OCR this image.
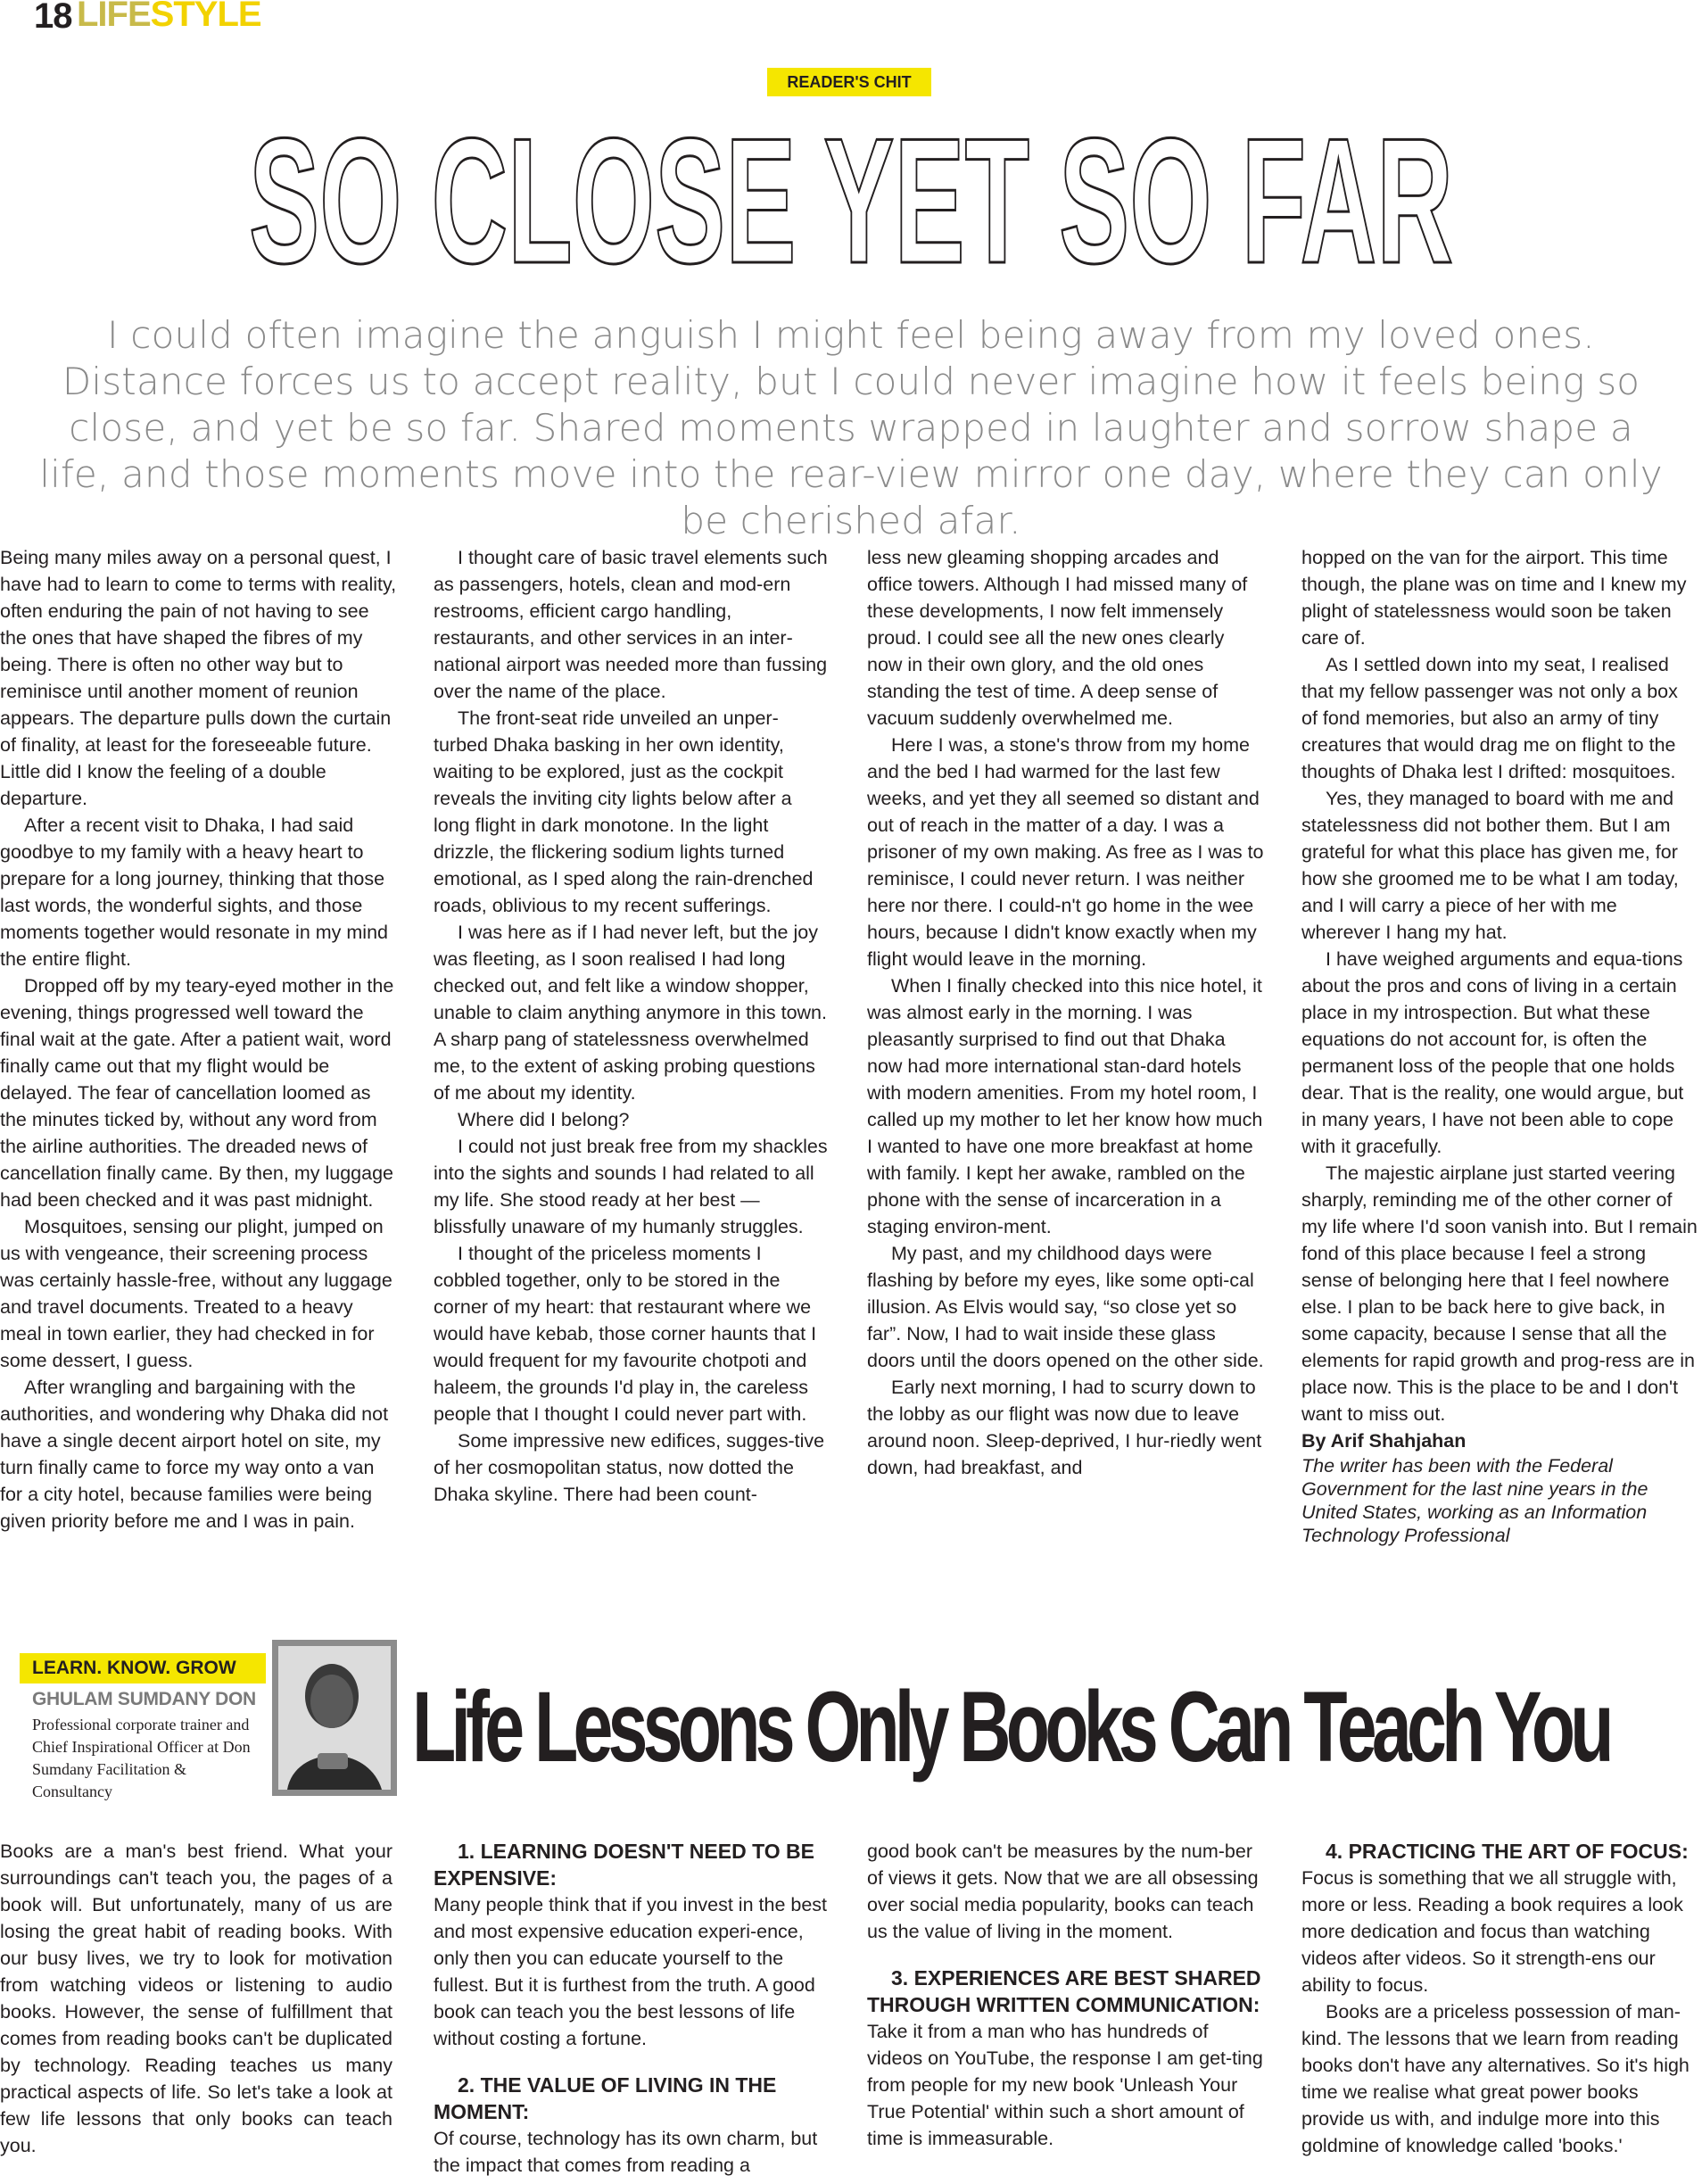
18 LIFESTYLE
READER'S CHIT
SO CLOSE YET SO FAR
I could often imagine the anguish I might feel being away from my loved ones. Distance forces us to accept reality, but I could never imagine how it feels being so close, and yet be so far. Shared moments wrapped in laughter and sorrow shape a life, and those moments move into the rear-view mirror one day, where they can only be cherished afar.

Being many miles away on a personal quest, I have had to learn to come to terms with reality, often enduring the pain of not having to see the ones that have shaped the fibres of my being. There is often no other way but to reminisce until another moment of reunion appears. The departure pulls down the curtain of finality, at least for the foreseeable future. Little did I know the feeling of a double departure.

After a recent visit to Dhaka, I had said goodbye to my family with a heavy heart to prepare for a long journey, thinking that those last words, the wonderful sights, and those moments together would resonate in my mind the entire flight.

Dropped off by my teary-eyed mother in the evening, things progressed well toward the final wait at the gate. After a patient wait, word finally came out that my flight would be delayed. The fear of cancellation loomed as the minutes ticked by, without any word from the airline authorities. The dreaded news of cancellation finally came. By then, my luggage had been checked and it was past midnight.

Mosquitoes, sensing our plight, jumped on us with vengeance, their screening process was certainly hassle-free, without any luggage and travel documents. Treated to a heavy meal in town earlier, they had checked in for some dessert, I guess.

After wrangling and bargaining with the authorities, and wondering why Dhaka did not have a single decent airport hotel on site, my turn finally came to force my way onto a van for a city hotel, because families were being given priority before me and I was in pain.

I thought care of basic travel elements such as passengers, hotels, clean and mod-ern restrooms, efficient cargo handling, restaurants, and other services in an inter-national airport was needed more than fussing over the name of the place.

The front-seat ride unveiled an unper-turbed Dhaka basking in her own identity, waiting to be explored, just as the cockpit reveals the inviting city lights below after a long flight in dark monotone. In the light drizzle, the flickering sodium lights turned emotional, as I sped along the rain-drenched roads, oblivious to my recent sufferings.

I was here as if I had never left, but the joy was fleeting, as I soon realised I had long checked out, and felt like a window shopper, unable to claim anything anymore in this town. A sharp pang of statelessness overwhelmed me, to the extent of asking probing questions of me about my identity.

Where did I belong?

I could not just break free from my shackles into the sights and sounds I had related to all my life. She stood ready at her best — blissfully unaware of my humanly struggles.

I thought of the priceless moments I cobbled together, only to be stored in the corner of my heart: that restaurant where we would have kebab, those corner haunts that I would frequent for my favourite chotpoti and haleem, the grounds I'd play in, the careless people that I thought I could never part with.

Some impressive new edifices, sugges-tive of her cosmopolitan status, now dotted the Dhaka skyline. There had been count-

less new gleaming shopping arcades and office towers. Although I had missed many of these developments, I now felt immensely proud. I could see all the new ones clearly now in their own glory, and the old ones standing the test of time. A deep sense of vacuum suddenly overwhelmed me.

Here I was, a stone's throw from my home and the bed I had warmed for the last few weeks, and yet they all seemed so distant and out of reach in the matter of a day. I was a prisoner of my own making. As free as I was to reminisce, I could never return. I was neither here nor there. I could-n't go home in the wee hours, because I didn't know exactly when my flight would leave in the morning.

When I finally checked into this nice hotel, it was almost early in the morning. I was pleasantly surprised to find out that Dhaka now had more international stan-dard hotels with modern amenities. From my hotel room, I called up my mother to let her know how much I wanted to have one more breakfast at home with family. I kept her awake, rambled on the phone with the sense of incarceration in a staging environ-ment.

My past, and my childhood days were flashing by before my eyes, like some opti-cal illusion. As Elvis would say, “so close yet so far”. Now, I had to wait inside these glass doors until the doors opened on the other side.

Early next morning, I had to scurry down to the lobby as our flight was now due to leave around noon. Sleep-deprived, I hur-riedly went down, had breakfast, and

hopped on the van for the airport. This time though, the plane was on time and I knew my plight of statelessness would soon be taken care of.

As I settled down into my seat, I realised that my fellow passenger was not only a box of fond memories, but also an army of tiny creatures that would drag me on flight to the thoughts of Dhaka lest I drifted: mosquitoes.

Yes, they managed to board with me and statelessness did not bother them. But I am grateful for what this place has given me, for how she groomed me to be what I am today, and I will carry a piece of her with me wherever I hang my hat.

I have weighed arguments and equa-tions about the pros and cons of living in a certain place in my introspection. But what these equations do not account for, is often the permanent loss of the people that one holds dear. That is the reality, one would argue, but in many years, I have not been able to cope with it gracefully.

The majestic airplane just started veering sharply, reminding me of the other corner of my life where I'd soon vanish into. But I remain fond of this place because I feel a strong sense of belonging here that I feel nowhere else. I plan to be back here to give back, in some capacity, because I sense that all the elements for rapid growth and prog-ress are in place now. This is the place to be and I don't want to miss out.

By Arif Shahjahan

The writer has been with the Federal Government for the last nine years in the United States, working as an Information Technology Professional

LEARN. KNOW. GROW
GHULAM SUMDANY DON
Professional corporate trainer and Chief Inspirational Officer at Don Sumdany Facilitation & Consultancy
Life Lessons Only Books Can Teach You

Books are a man's best friend. What your surroundings can't teach you, the pages of a book will. But unfortunately, many of us are losing the great habit of reading books. With our busy lives, we try to look for motivation from watching videos or listening to audio books. However, the sense of fulfillment that comes from reading books can't be duplicated by technology. Reading teaches us many practical aspects of life. So let's take a look at few life lessons that only books can teach you.

1. LEARNING DOESN'T NEED TO BE EXPENSIVE:

Many people think that if you invest in the best and most expensive education experi-ence, only then you can educate yourself to the fullest. But it is furthest from the truth. A good book can teach you the best lessons of life without costing a fortune.

2. THE VALUE OF LIVING IN THE MOMENT:

Of course, technology has its own charm, but the impact that comes from reading a

good book can't be measures by the num-ber of views it gets. Now that we are all obsessing over social media popularity, books can teach us the value of living in the moment.

3. EXPERIENCES ARE BEST SHARED THROUGH WRITTEN COMMUNICATION:

Take it from a man who has hundreds of videos on YouTube, the response I am get-ting from people for my new book 'Unleash Your True Potential' within such a short amount of time is immeasurable.

4. PRACTICING THE ART OF FOCUS:

Focus is something that we all struggle with, more or less. Reading a book requires a look more dedication and focus than watching videos after videos. So it strength-ens our ability to focus.

Books are a priceless possession of man-kind. The lessons that we learn from reading books don't have any alternatives. So it's high time we realise what great power books provide us with, and indulge more into this goldmine of knowledge called 'books.'
